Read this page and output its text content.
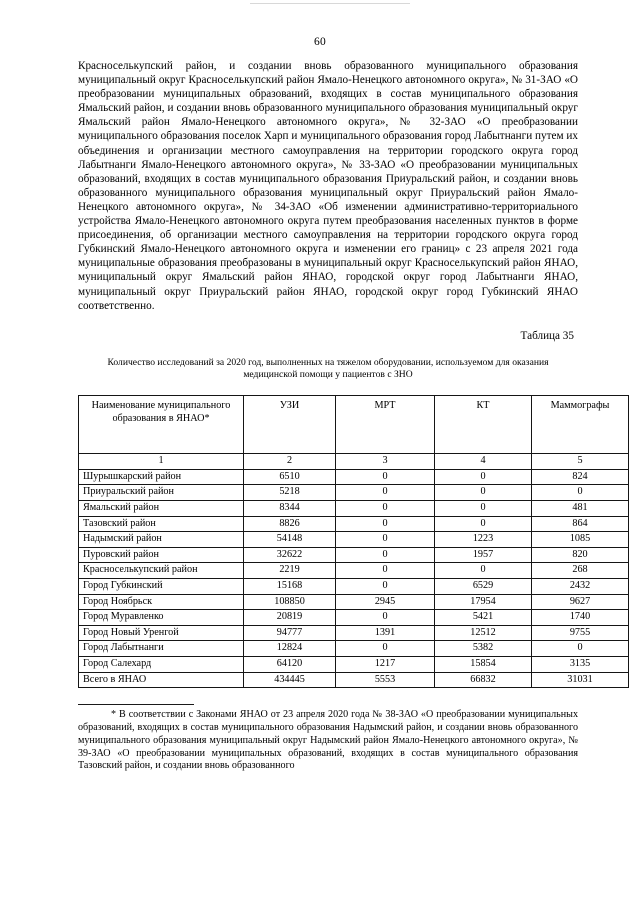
60

Красноселькупский район, и создании вновь образованного муниципального образования муниципальный округ Красноселькупский район Ямало-Ненецкого автономного округа», № 31-ЗАО «О преобразовании муниципальных образований, входящих в состав муниципального образования Ямальский район, и создании вновь образованного муниципального образования муниципальный округ Ямальский район Ямало-Ненецкого автономного округа», № 32-ЗАО «О преобразовании муниципального образования поселок Харп и муниципального образования город Лабытнанги путем их объединения и организации местного самоуправления на территории городского округа город Лабытнанги Ямало-Ненецкого автономного округа», № 33-ЗАО «О преобразовании муниципальных образований, входящих в состав муниципального образования Приуральский район, и создании вновь образованного муниципального образования муниципальный округ Приуральский район Ямало-Ненецкого автономного округа», № 34-ЗАО «Об изменении административно-территориального устройства Ямало-Ненецкого автономного округа путем преобразования населенных пунктов в форме присоединения, об организации местного самоуправления на территории городского округа город Губкинский Ямало-Ненецкого автономного округа и изменении его границ» с 23 апреля 2021 года муниципальные образования преобразованы в муниципальный округ Красноселькупский район ЯНАО, муниципальный округ Ямальский район ЯНАО, городской округ город Лабытнанги ЯНАО, муниципальный округ Приуральский район ЯНАО, городской округ город Губкинский ЯНАО соответственно.

Таблица 35

Количество исследований за 2020 год, выполненных на тяжелом оборудовании, используемом для оказания медицинской помощи у пациентов с ЗНО

Наименование муниципального образования в ЯНАО*	УЗИ	МРТ	КТ	Маммографы
1	2	3	4	5
Шурышкарский район	6510	0	0	824
Приуральский район	5218	0	0	0
Ямальский район	8344	0	0	481
Тазовский район	8826	0	0	864
Надымский район	54148	0	1223	1085
Пуровский район	32622	0	1957	820
Красноселькупский район	2219	0	0	268
Город Губкинский	15168	0	6529	2432
Город Ноябрьск	108850	2945	17954	9627
Город Муравленко	20819	0	5421	1740
Город Новый Уренгой	94777	1391	12512	9755
Город Лабытнанги	12824	0	5382	0
Город Салехард	64120	1217	15854	3135
Всего в ЯНАО	434445	5553	66832	31031

* В соответствии с Законами ЯНАО от 23 апреля 2020 года № 38-ЗАО «О преобразовании муниципальных образований, входящих в состав муниципального образования Надымский район, и создании вновь образованного муниципального образования муниципальный округ Надымский район Ямало-Ненецкого автономного округа», № 39-ЗАО «О преобразовании муниципальных образований, входящих в состав муниципального образования Тазовский район, и создании вновь образованного
